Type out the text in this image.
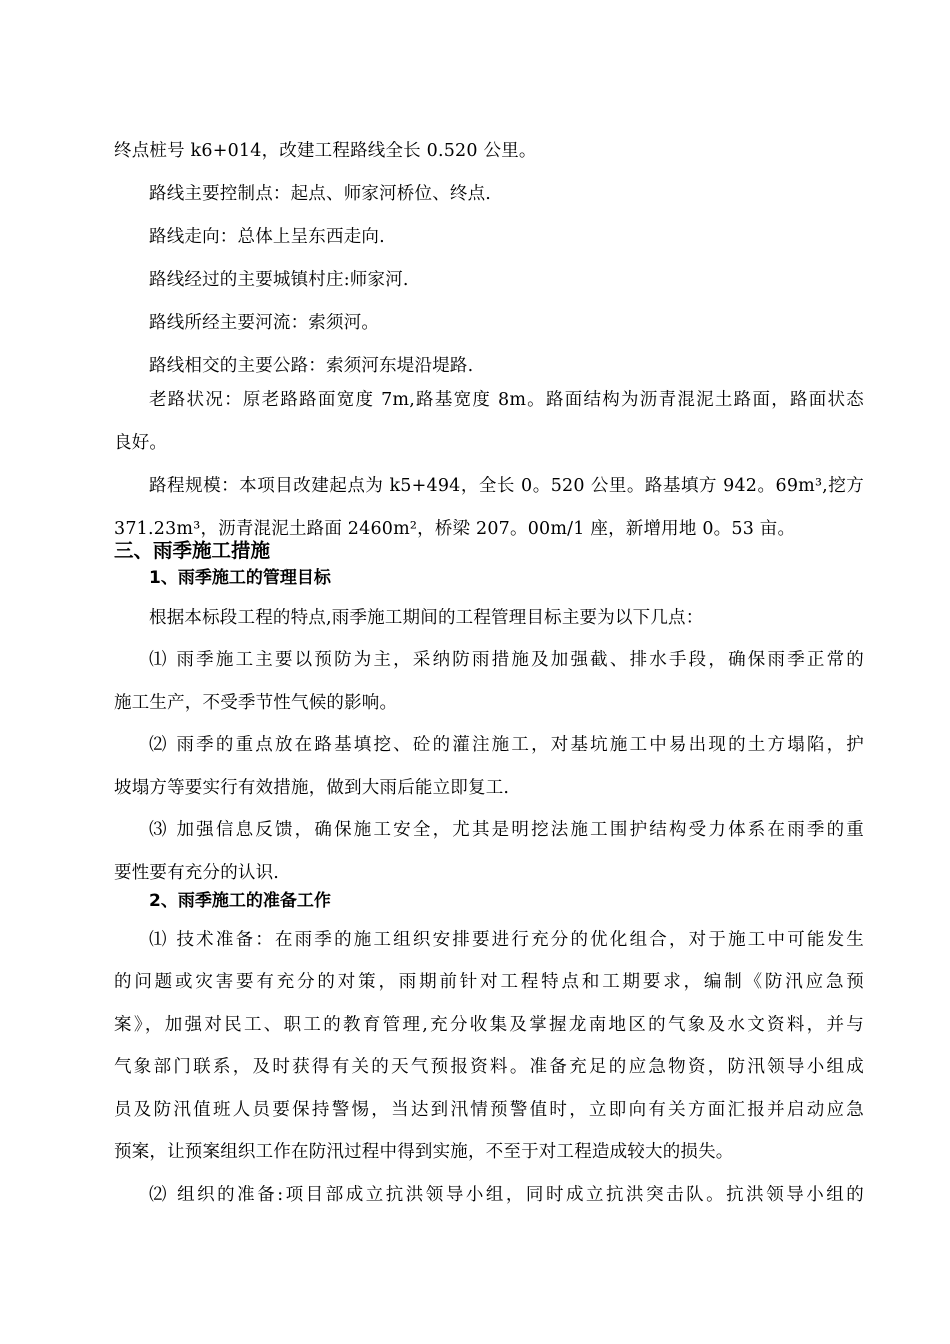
终点桩号 k6+014，改建工程路线全长 0.520 公里。
路线主要控制点：起点、师家河桥位、终点.
路线走向：总体上呈东西走向.
路线经过的主要城镇村庄:师家河.
路线所经主要河流：索须河。
路线相交的主要公路：索须河东堤沿堤路.
老路状况：原老路路面宽度 7m,路基宽度 8m。路面结构为沥青混泥土路面，路面状态
良好。
路程规模：本项目改建起点为 k5+494，全长 0。520 公里。路基填方 942。69m³,挖方
371.23m³，沥青混泥土路面 2460m²，桥梁 207。00m/1 座，新增用地 0。53 亩。
三、雨季施工措施
1、雨季施工的管理目标
根据本标段工程的特点,雨季施工期间的工程管理目标主要为以下几点：
⑴ 雨季施工主要以预防为主，采纳防雨措施及加强截、排水手段，确保雨季正常的
施工生产，不受季节性气候的影响。
⑵ 雨季的重点放在路基填挖、砼的灌注施工，对基坑施工中易出现的土方塌陷，护
坡塌方等要实行有效措施，做到大雨后能立即复工.
⑶ 加强信息反馈，确保施工安全，尤其是明挖法施工围护结构受力体系在雨季的重
要性要有充分的认识.
2、雨季施工的准备工作
⑴ 技术准备：在雨季的施工组织安排要进行充分的优化组合，对于施工中可能发生
的问题或灾害要有充分的对策，雨期前针对工程特点和工期要求，编制《防汛应急预
案》，加强对民工、职工的教育管理,充分收集及掌握龙南地区的气象及水文资料，并与
气象部门联系，及时获得有关的天气预报资料。准备充足的应急物资，防汛领导小组成
员及防汛值班人员要保持警惕，当达到汛情预警值时，立即向有关方面汇报并启动应急
预案，让预案组织工作在防汛过程中得到实施，不至于对工程造成较大的损失。
⑵ 组织的准备:项目部成立抗洪领导小组，同时成立抗洪突击队。抗洪领导小组的
